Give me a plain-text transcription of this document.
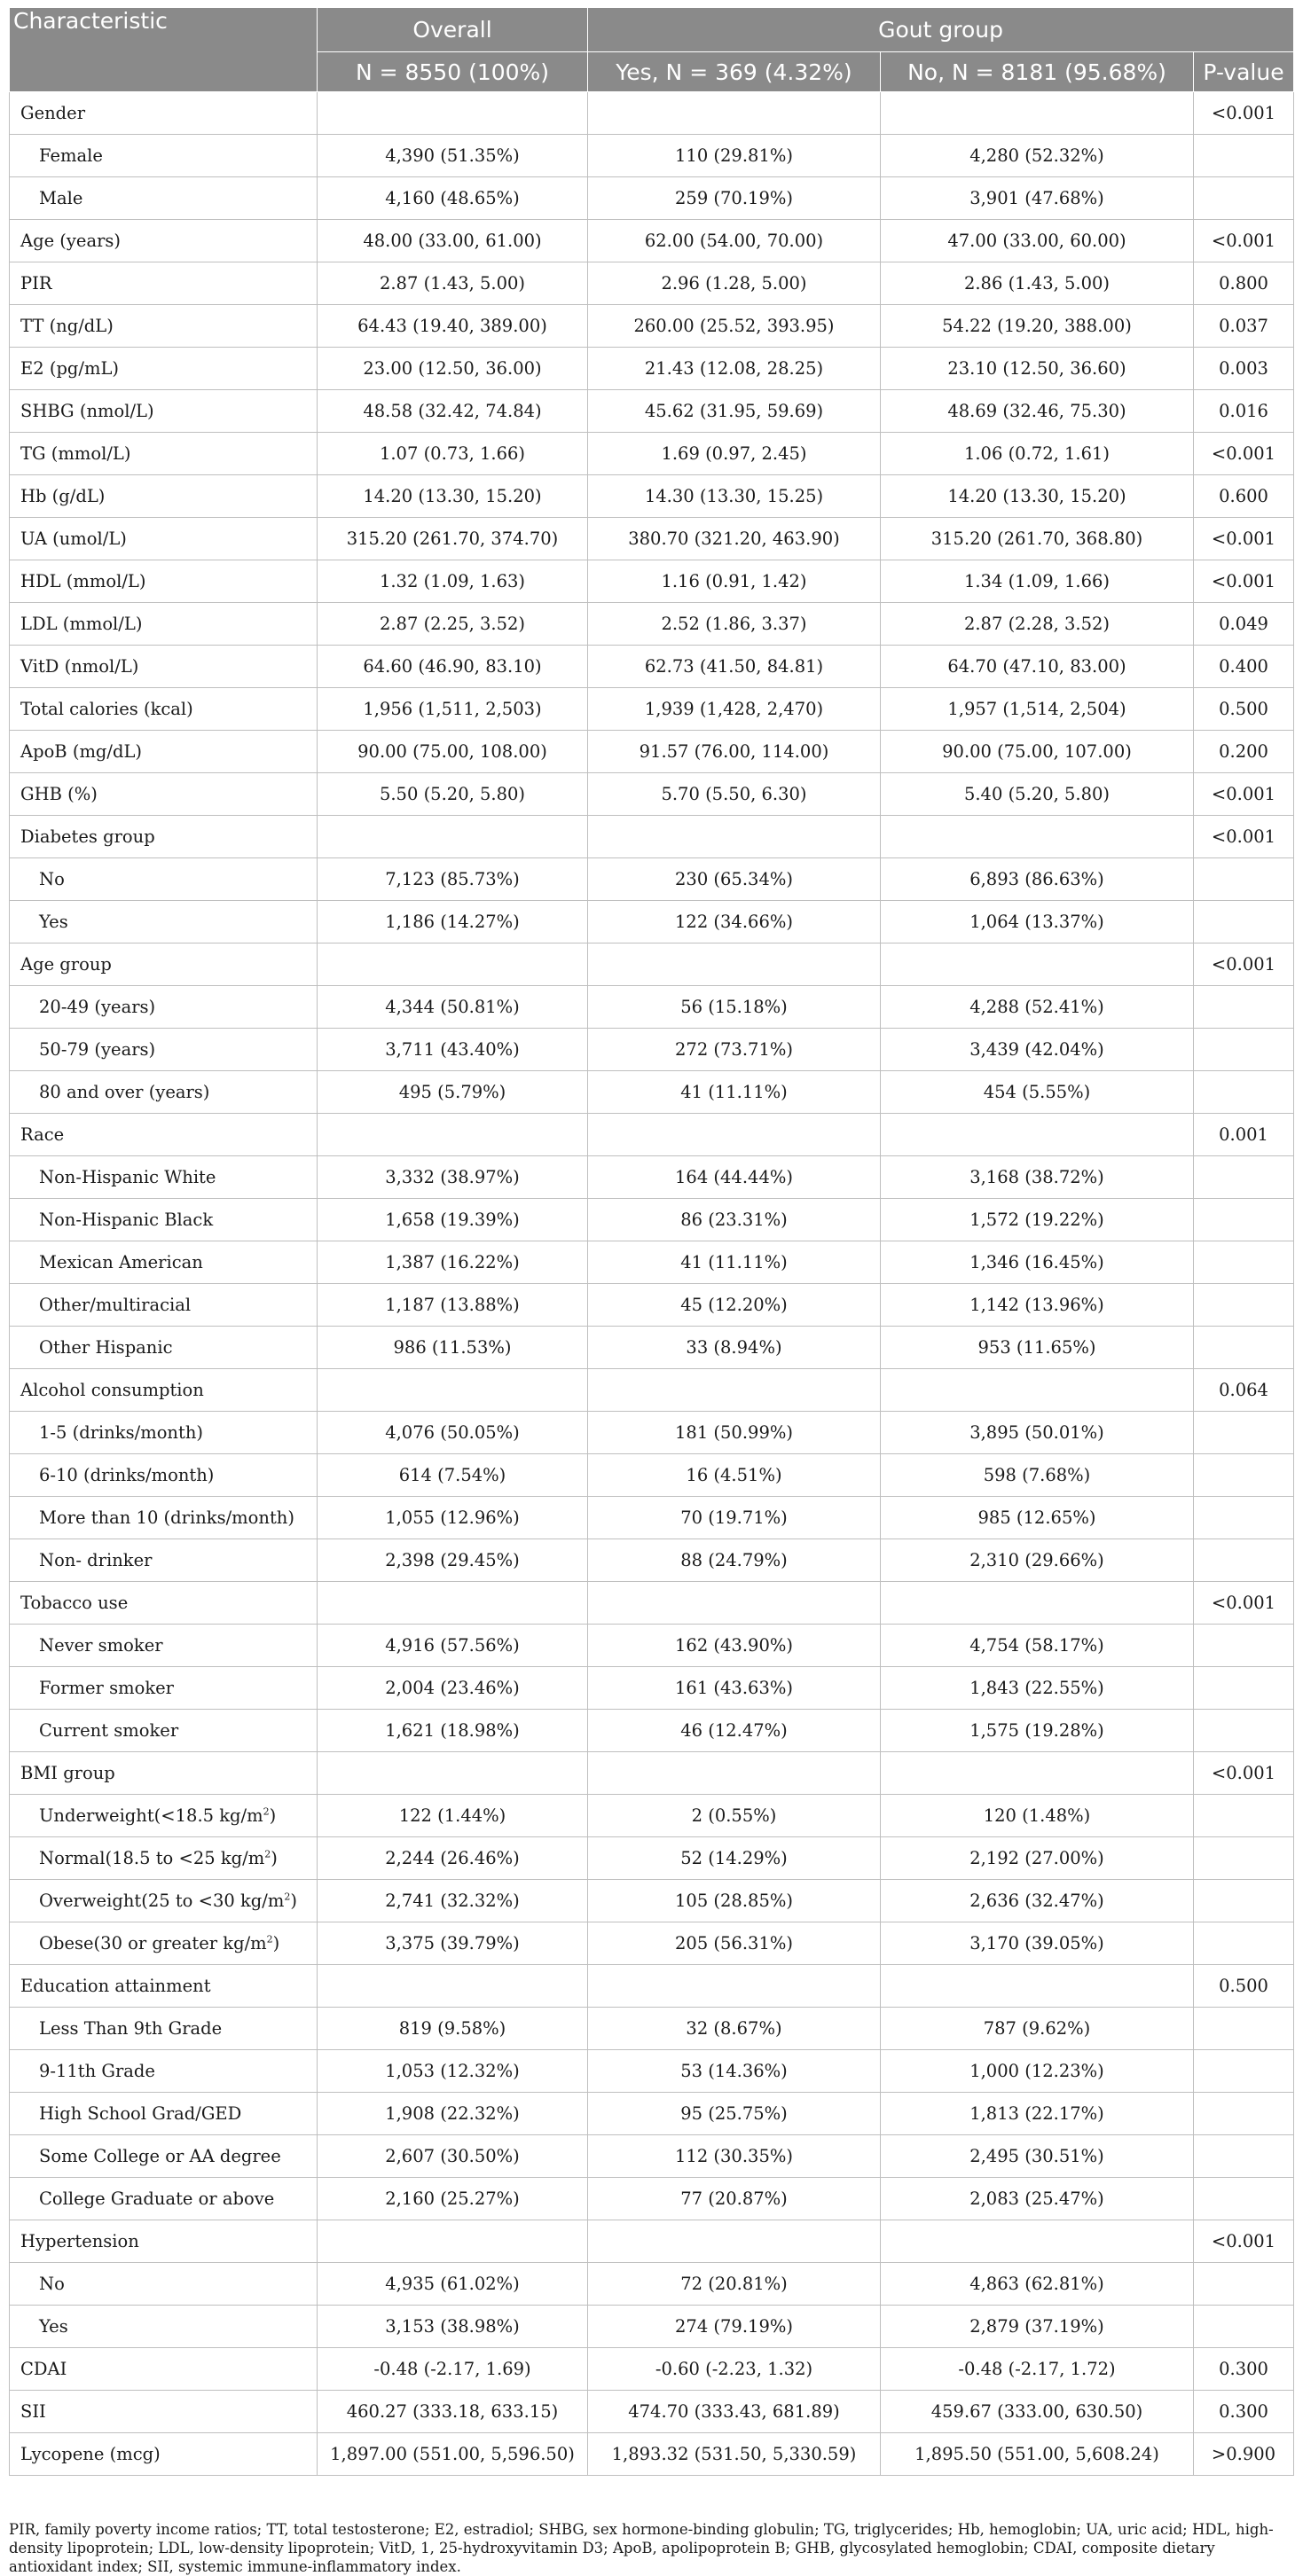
Characteristic	Overall	Gout group		
	N = 8550 (100%)	Yes, N = 369 (4.32%)	No, N = 8181 (95.68%)	P-value
Gender				<0.001
Female	4,390 (51.35%)	110 (29.81%)	4,280 (52.32%)	
Male	4,160 (48.65%)	259 (70.19%)	3,901 (47.68%)	
Age (years)	48.00 (33.00, 61.00)	62.00 (54.00, 70.00)	47.00 (33.00, 60.00)	<0.001
PIR	2.87 (1.43, 5.00)	2.96 (1.28, 5.00)	2.86 (1.43, 5.00)	0.800
TT (ng/dL)	64.43 (19.40, 389.00)	260.00 (25.52, 393.95)	54.22 (19.20, 388.00)	0.037
E2 (pg/mL)	23.00 (12.50, 36.00)	21.43 (12.08, 28.25)	23.10 (12.50, 36.60)	0.003
SHBG (nmol/L)	48.58 (32.42, 74.84)	45.62 (31.95, 59.69)	48.69 (32.46, 75.30)	0.016
TG (mmol/L)	1.07 (0.73, 1.66)	1.69 (0.97, 2.45)	1.06 (0.72, 1.61)	<0.001
Hb (g/dL)	14.20 (13.30, 15.20)	14.30 (13.30, 15.25)	14.20 (13.30, 15.20)	0.600
UA (umol/L)	315.20 (261.70, 374.70)	380.70 (321.20, 463.90)	315.20 (261.70, 368.80)	<0.001
HDL (mmol/L)	1.32 (1.09, 1.63)	1.16 (0.91, 1.42)	1.34 (1.09, 1.66)	<0.001
LDL (mmol/L)	2.87 (2.25, 3.52)	2.52 (1.86, 3.37)	2.87 (2.28, 3.52)	0.049
VitD (nmol/L)	64.60 (46.90, 83.10)	62.73 (41.50, 84.81)	64.70 (47.10, 83.00)	0.400
Total calories (kcal)	1,956 (1,511, 2,503)	1,939 (1,428, 2,470)	1,957 (1,514, 2,504)	0.500
ApoB (mg/dL)	90.00 (75.00, 108.00)	91.57 (76.00, 114.00)	90.00 (75.00, 107.00)	0.200
GHB (%)	5.50 (5.20, 5.80)	5.70 (5.50, 6.30)	5.40 (5.20, 5.80)	<0.001
Diabetes group				<0.001
No	7,123 (85.73%)	230 (65.34%)	6,893 (86.63%)	
Yes	1,186 (14.27%)	122 (34.66%)	1,064 (13.37%)	
Age group				<0.001
20-49 (years)	4,344 (50.81%)	56 (15.18%)	4,288 (52.41%)	
50-79 (years)	3,711 (43.40%)	272 (73.71%)	3,439 (42.04%)	
80 and over (years)	495 (5.79%)	41 (11.11%)	454 (5.55%)	
Race				0.001
Non-Hispanic White	3,332 (38.97%)	164 (44.44%)	3,168 (38.72%)	
Non-Hispanic Black	1,658 (19.39%)	86 (23.31%)	1,572 (19.22%)	
Mexican American	1,387 (16.22%)	41 (11.11%)	1,346 (16.45%)	
Other/multiracial	1,187 (13.88%)	45 (12.20%)	1,142 (13.96%)	
Other Hispanic	986 (11.53%)	33 (8.94%)	953 (11.65%)	
Alcohol consumption				0.064
1-5 (drinks/month)	4,076 (50.05%)	181 (50.99%)	3,895 (50.01%)	
6-10 (drinks/month)	614 (7.54%)	16 (4.51%)	598 (7.68%)	
More than 10 (drinks/month)	1,055 (12.96%)	70 (19.71%)	985 (12.65%)	
Non- drinker	2,398 (29.45%)	88 (24.79%)	2,310 (29.66%)	
Tobacco use				<0.001
Never smoker	4,916 (57.56%)	162 (43.90%)	4,754 (58.17%)	
Former smoker	2,004 (23.46%)	161 (43.63%)	1,843 (22.55%)	
Current smoker	1,621 (18.98%)	46 (12.47%)	1,575 (19.28%)	
BMI group				<0.001
Underweight(<18.5 $kg/m^2$)	122 (1.44%)	2 (0.55%)	120 (1.48%)	
Normal(18.5 to <25 $kg/m^2$)	2,244 (26.46%)	52 (14.29%)	2,192 (27.00%)	
Overweight(25 to <30 $kg/m^2$)	2,741 (32.32%)	105 (28.85%)	2,636 (32.47%)	
Obese(30 or greater $kg/m^2$)	3,375 (39.79%)	205 (56.31%)	3,170 (39.05%)	
Education attainment				0.500
Less Than 9th Grade	819 (9.58%)	32 (8.67%)	787 (9.62%)	
9-11th Grade	1,053 (12.32%)	53 (14.36%)	1,000 (12.23%)	
High School Grad/GED	1,908 (22.32%)	95 (25.75%)	1,813 (22.17%)	
Some College or AA degree	2,607 (30.50%)	112 (30.35%)	2,495 (30.51%)	
College Graduate or above	2,160 (25.27%)	77 (20.87%)	2,083 (25.47%)	
Hypertension				<0.001
No	4,935 (61.02%)	72 (20.81%)	4,863 (62.81%)	
Yes	3,153 (38.98%)	274 (79.19%)	2,879 (37.19%)	
CDAI	-0.48 (-2.17, 1.69)	-0.60 (-2.23, 1.32)	-0.48 (-2.17, 1.72)	0.300
SII	460.27 (333.18, 633.15)	474.70 (333.43, 681.89)	459.67 (333.00, 630.50)	0.300
Lycopene (mcg)	1,897.00 (551.00, 5,596.50)	1,893.32 (531.50, 5,330.59)	1,895.50 (551.00, 5,608.24)	>0.900
PIR, family poverty income ratios; TT, total testosterone; E2, estradiol; SHBG, sex hormone-binding globulin; TG, triglycerides; Hb, hemoglobin; UA, uric acid; HDL, high-density lipoprotein; LDL, low-density lipoprotein; VitD, 1, 25-hydroxyvitamin D3; ApoB, apolipoprotein B; GHB, glycosylated hemoglobin; CDAI, composite dietary antioxidant index; SII, systemic immune-inflammatory index.
